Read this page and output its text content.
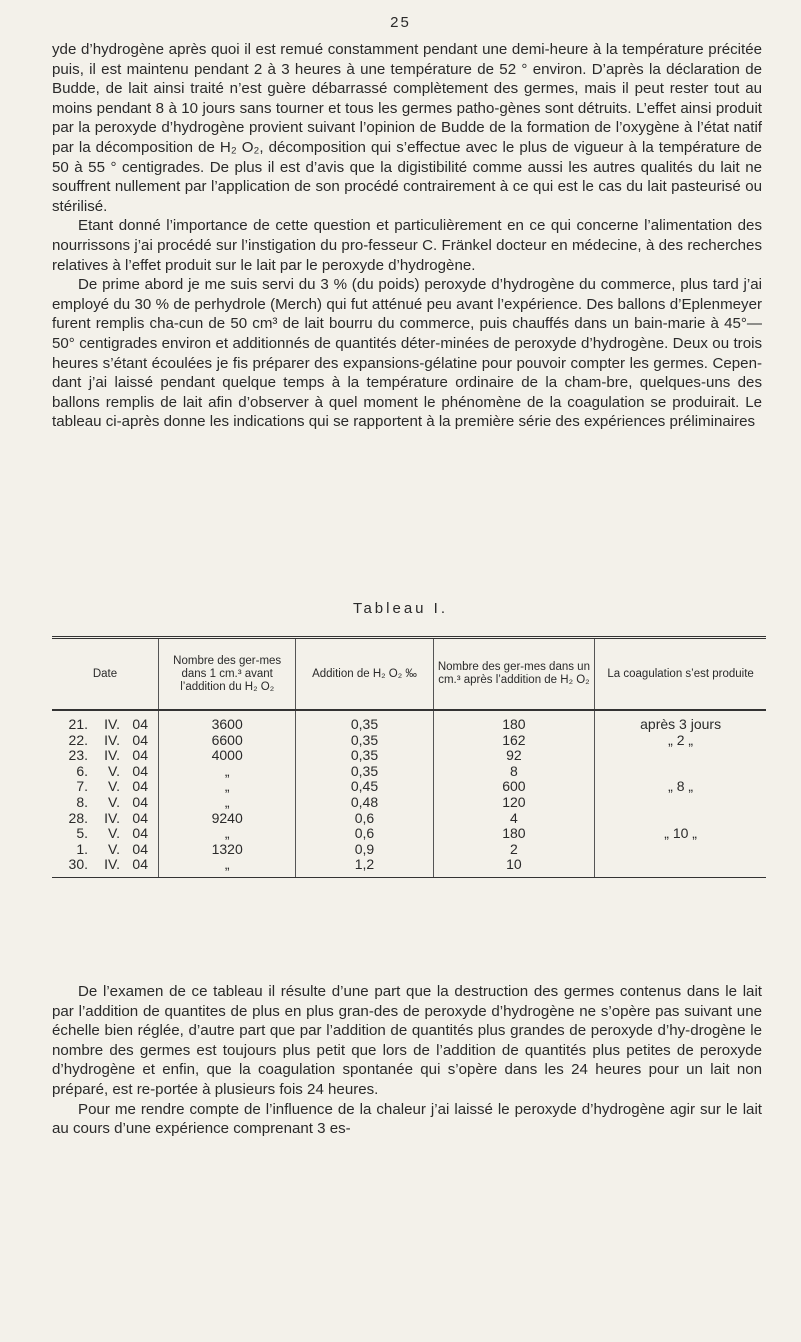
25

yde d’hydrogène après quoi il est remué constamment pendant une demi-heure à la température précitée puis, il est maintenu pendant 2 à 3 heures à une température de 52 ° environ. D’après la déclaration de Budde, de lait ainsi traité n’est guère débarrassé complètement des germes, mais il peut rester tout au moins pendant 8 à 10 jours sans tourner et tous les germes patho-gènes sont détruits. L’effet ainsi produit par la peroxyde d’hydrogène provient suivant l’opinion de Budde de la formation de l’oxygène à l’état natif par la décomposition de H₂ O₂, décomposition qui s’effectue avec le plus de vigueur à la température de 50 à 55 ° centigrades. De plus il est d’avis que la digistibilité comme aussi les autres qualités du lait ne souffrent nullement par l’application de son procédé contrairement à ce qui est le cas du lait pasteurisé ou stérilisé.

Etant donné l’importance de cette question et particulièrement en ce qui concerne l’alimentation des nourrissons j’ai procédé sur l’instigation du pro-fesseur C. Fränkel docteur en médecine, à des recherches relatives à l’effet produit sur le lait par le peroxyde d’hydrogène.

De prime abord je me suis servi du 3 % (du poids) peroxyde d’hydrogène du commerce, plus tard j’ai employé du 30 % de perhydrole (Merch) qui fut atténué peu avant l’expérience. Des ballons d’Eplenmeyer furent remplis cha-cun de 50 cm³ de lait bourru du commerce, puis chauffés dans un bain-marie à 45°—50° centigrades environ et additionnés de quantités déter-minées de peroxyde d’hydrogène. Deux ou trois heures s’étant écoulées je fis préparer des expansions-gélatine pour pouvoir compter les germes. Cepen-dant j’ai laissé pendant quelque temps à la température ordinaire de la cham-bre, quelques-uns des ballons remplis de lait afin d’observer à quel moment le phénomène de la coagulation se produirait. Le tableau ci-après donne les indications qui se rapportent à la première série des expériences préliminaires

Tableau I.
Date	Nombre des ger-mes dans 1 cm.³ avant l’addition du H₂ O₂	Addition de H₂ O₂ ‰	Nombre des ger-mes dans un cm.³ après l’addition de H₂ O₂	La coagulation s’est produite
21. IV. 04	3600	0,35	180	après 3 jours
22. IV. 04	6600	0,35	162	„ 2 „
23. IV. 04	4000	0,35	92	
6. V. 04	„	0,35	8	
7. V. 04	„	0,45	600	„ 8 „
8. V. 04	„	0,48	120	
28. IV. 04	9240	0,6	4	
5. V. 04	„	0,6	180	„ 10 „
1. V. 04	1320	0,9	2	
30. IV. 04	„	1,2	10	

De l’examen de ce tableau il résulte d’une part que la destruction des germes contenus dans le lait par l’addition de quantites de plus en plus gran-des de peroxyde d’hydrogène ne s’opère pas suivant une échelle bien réglée, d’autre part que par l’addition de quantités plus grandes de peroxyde d’hy-drogène le nombre des germes est toujours plus petit que lors de l’addition de quantités plus petites de peroxyde d’hydrogène et enfin, que la coagulation spontanée qui s’opère dans les 24 heures pour un lait non préparé, est re-portée à plusieurs fois 24 heures.

Pour me rendre compte de l’influence de la chaleur j’ai laissé le peroxyde d’hydrogène agir sur le lait au cours d’une expérience comprenant 3 es-
